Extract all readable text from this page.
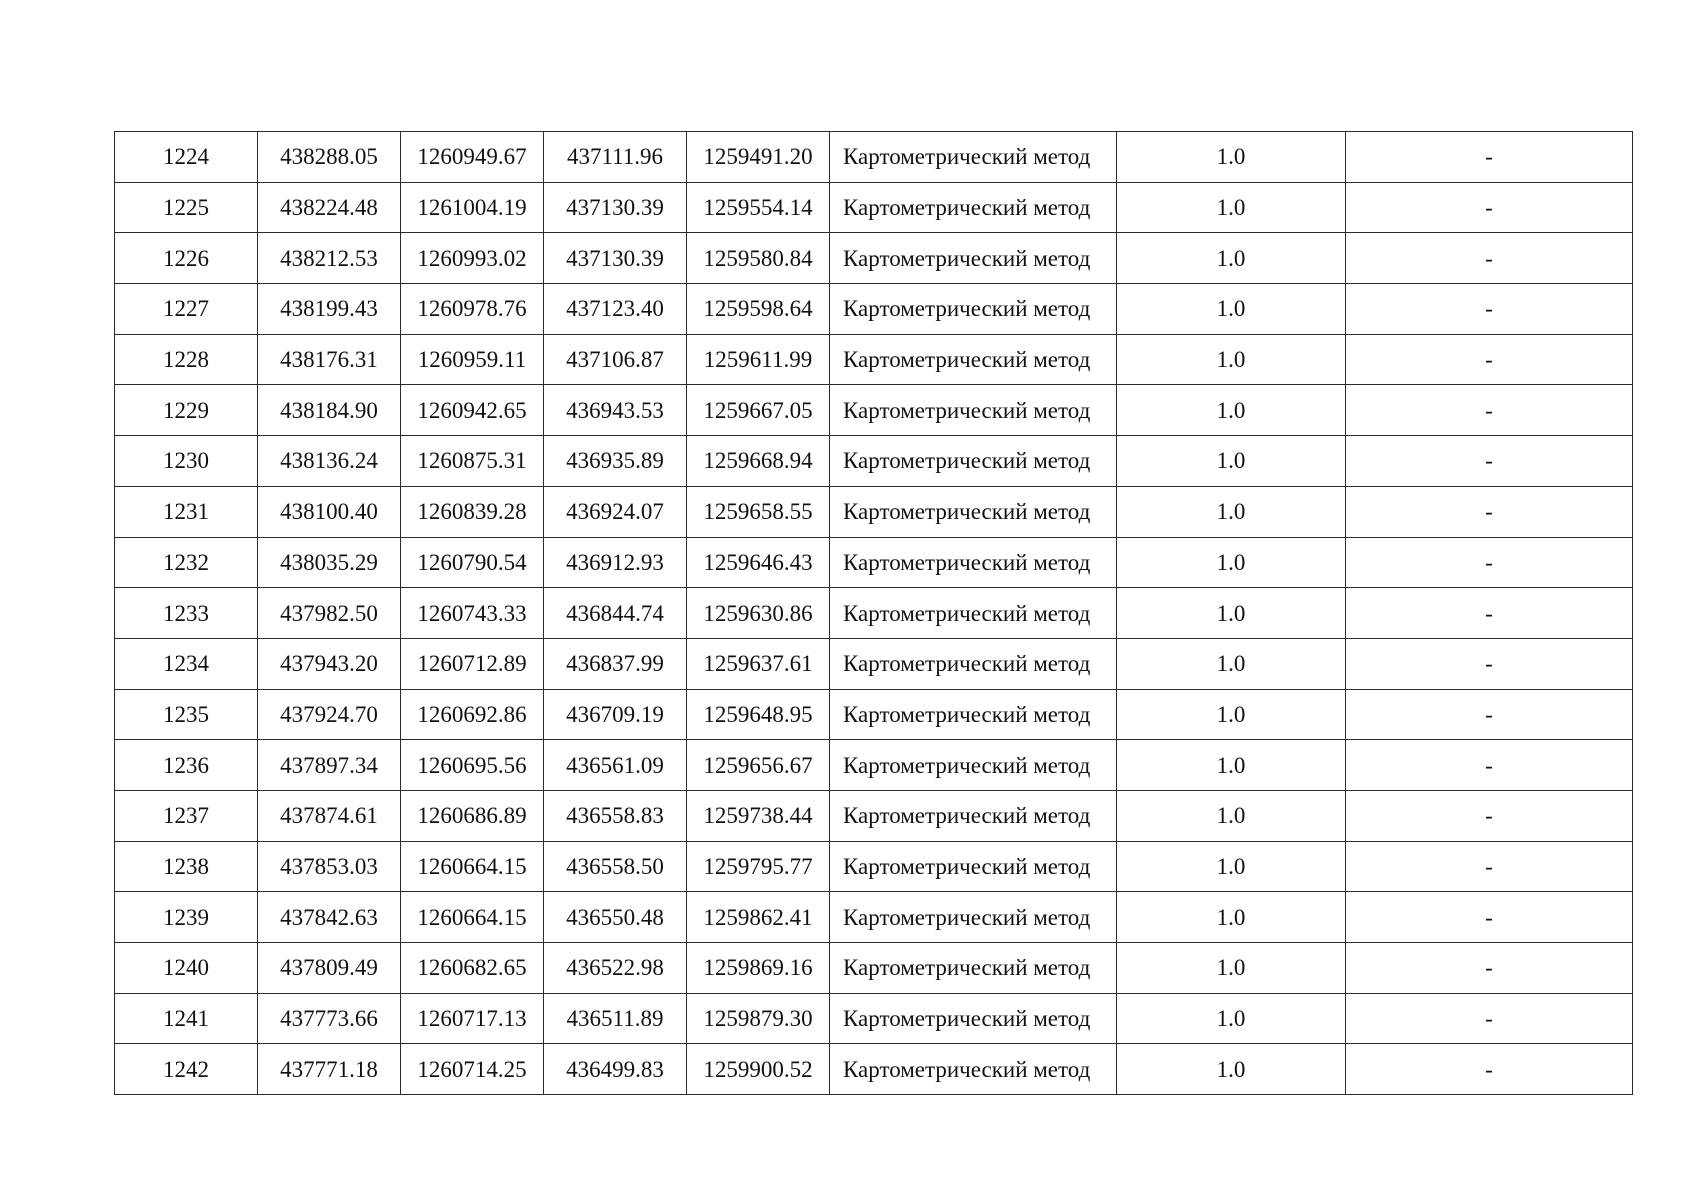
1224	438288.05	1260949.67	437111.96	1259491.20	Картометрический метод	1.0	-
1225	438224.48	1261004.19	437130.39	1259554.14	Картометрический метод	1.0	-
1226	438212.53	1260993.02	437130.39	1259580.84	Картометрический метод	1.0	-
1227	438199.43	1260978.76	437123.40	1259598.64	Картометрический метод	1.0	-
1228	438176.31	1260959.11	437106.87	1259611.99	Картометрический метод	1.0	-
1229	438184.90	1260942.65	436943.53	1259667.05	Картометрический метод	1.0	-
1230	438136.24	1260875.31	436935.89	1259668.94	Картометрический метод	1.0	-
1231	438100.40	1260839.28	436924.07	1259658.55	Картометрический метод	1.0	-
1232	438035.29	1260790.54	436912.93	1259646.43	Картометрический метод	1.0	-
1233	437982.50	1260743.33	436844.74	1259630.86	Картометрический метод	1.0	-
1234	437943.20	1260712.89	436837.99	1259637.61	Картометрический метод	1.0	-
1235	437924.70	1260692.86	436709.19	1259648.95	Картометрический метод	1.0	-
1236	437897.34	1260695.56	436561.09	1259656.67	Картометрический метод	1.0	-
1237	437874.61	1260686.89	436558.83	1259738.44	Картометрический метод	1.0	-
1238	437853.03	1260664.15	436558.50	1259795.77	Картометрический метод	1.0	-
1239	437842.63	1260664.15	436550.48	1259862.41	Картометрический метод	1.0	-
1240	437809.49	1260682.65	436522.98	1259869.16	Картометрический метод	1.0	-
1241	437773.66	1260717.13	436511.89	1259879.30	Картометрический метод	1.0	-
1242	437771.18	1260714.25	436499.83	1259900.52	Картометрический метод	1.0	-
